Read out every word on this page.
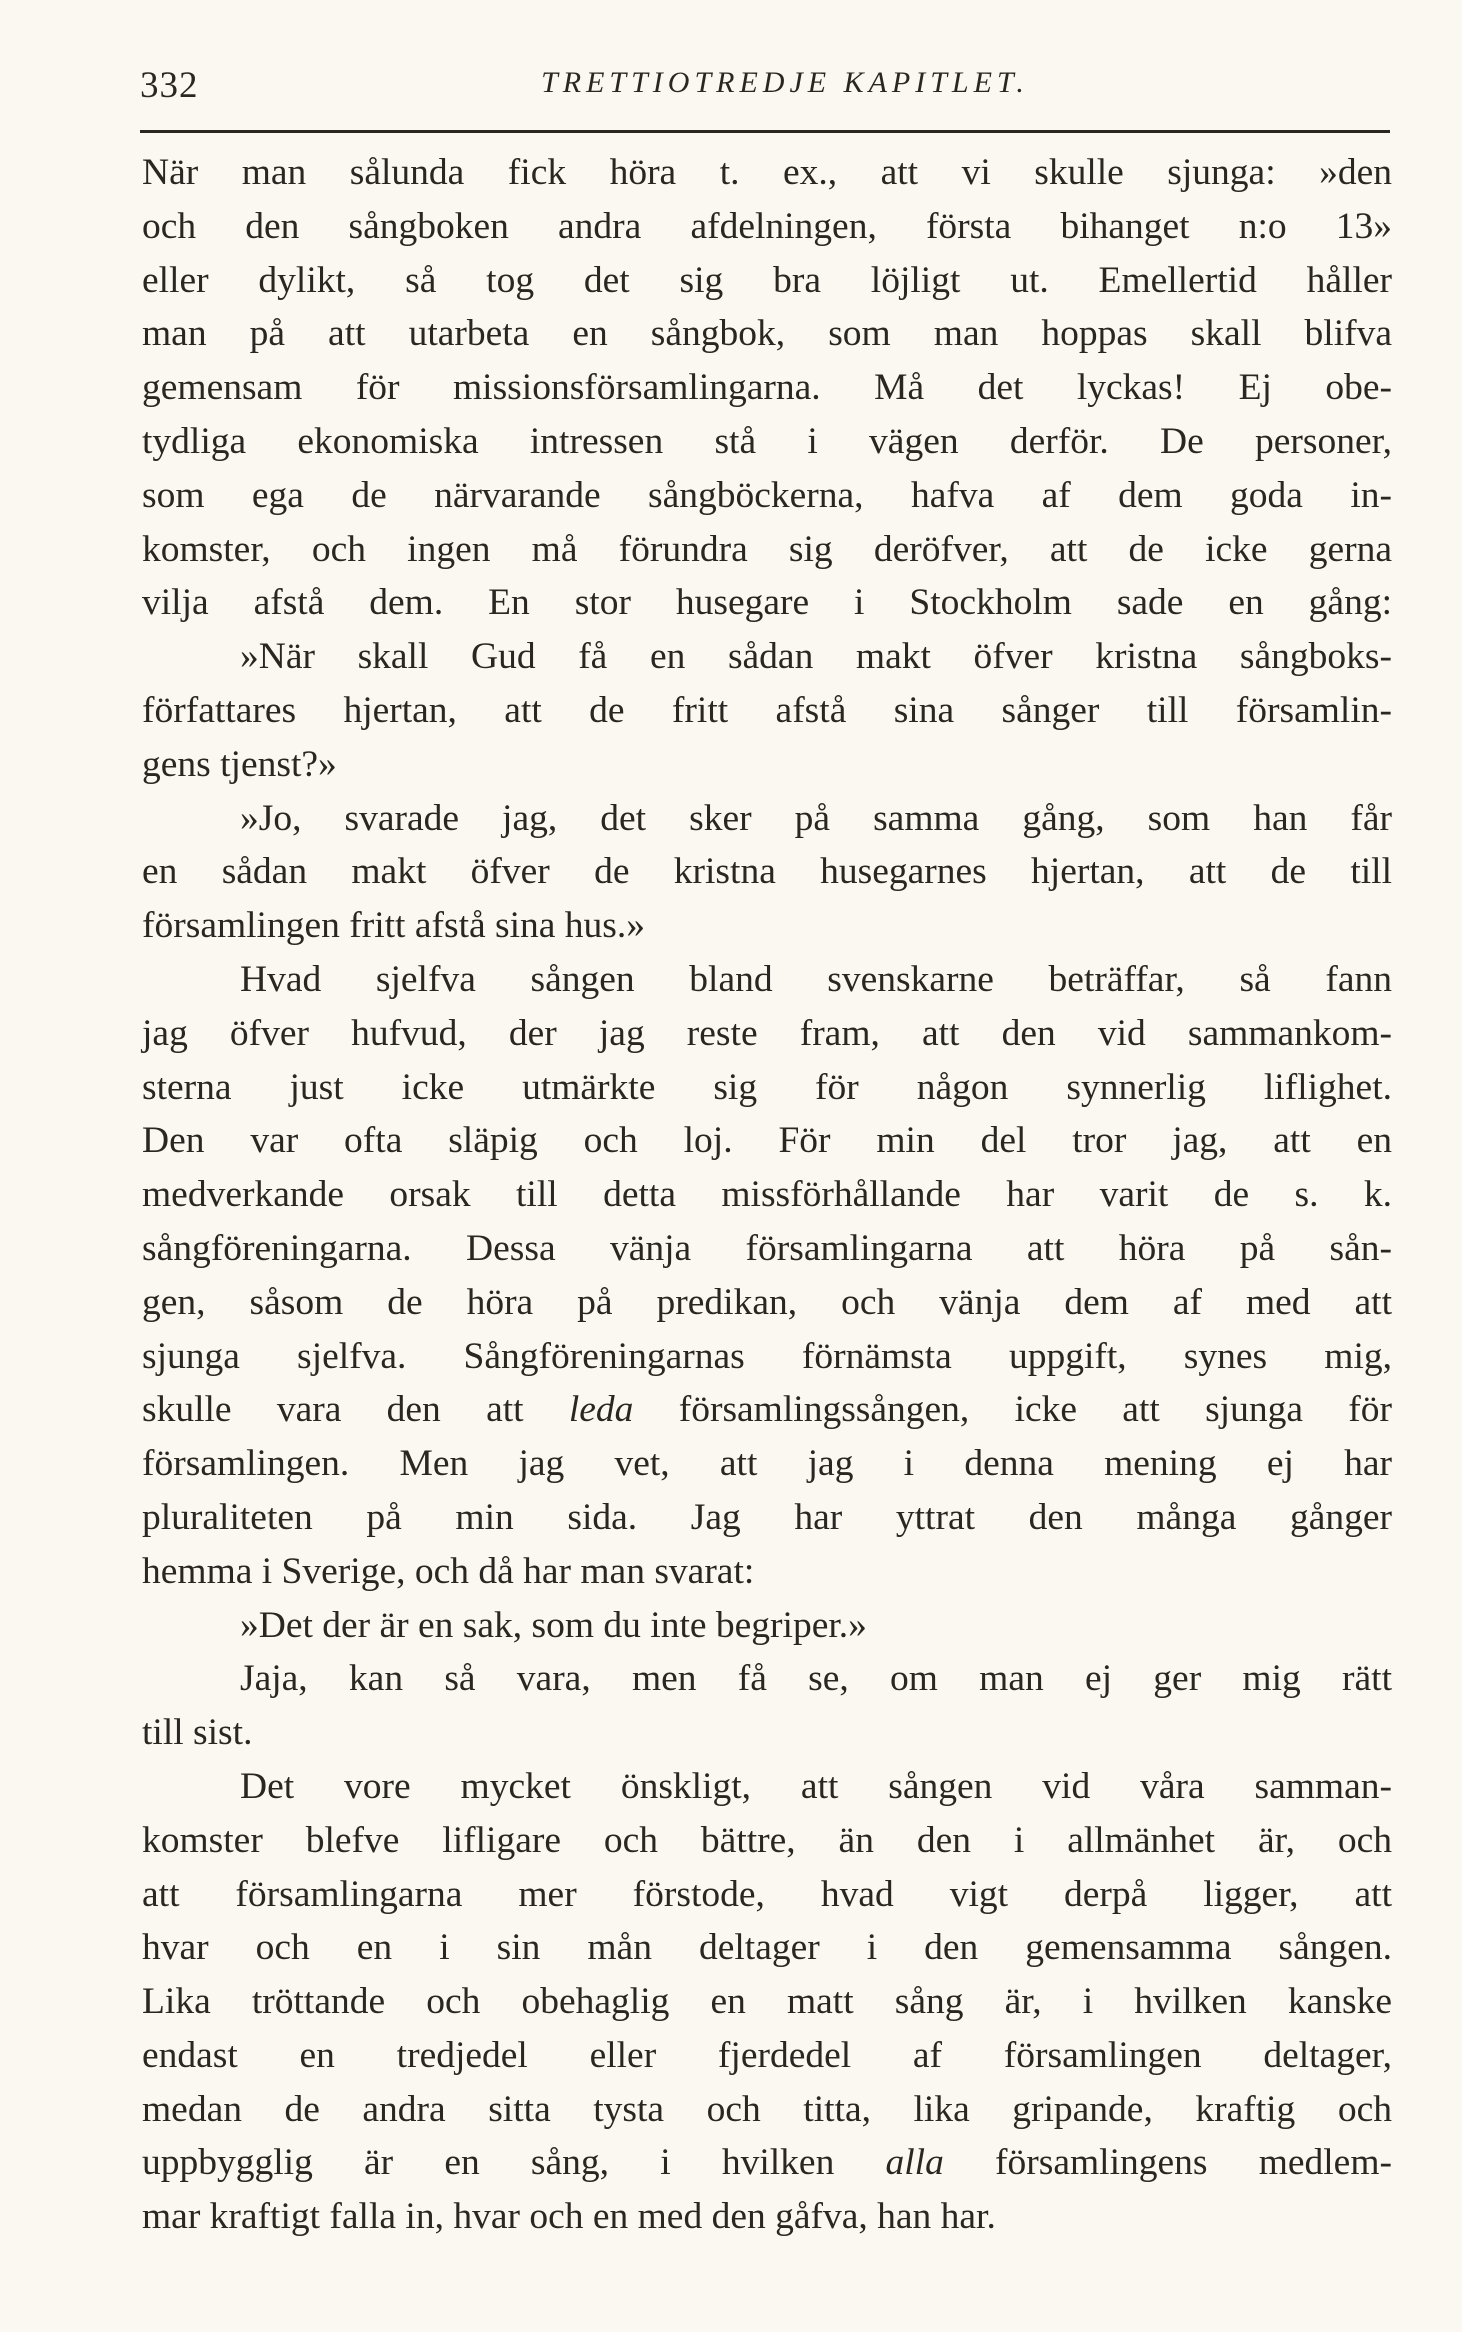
332	TRETTIOTREDJE KAPITLET.
När man sålunda fick höra t. ex., att vi skulle sjunga: »den
och den sångboken andra afdelningen, första bihanget n:o 13»
eller dylikt, så tog det sig bra löjligt ut. Emellertid håller
man på att utarbeta en sångbok, som man hoppas skall blifva
gemensam för missionsförsamlingarna. Må det lyckas! Ej obe-
tydliga ekonomiska intressen stå i vägen derför. De personer,
som ega de närvarande sångböckerna, hafva af dem goda in-
komster, och ingen må förundra sig deröfver, att de icke gerna
vilja afstå dem. En stor husegare i Stockholm sade en gång:
»När skall Gud få en sådan makt öfver kristna sångboks-
författares hjertan, att de fritt afstå sina sånger till församlin-
gens tjenst?»
»Jo, svarade jag, det sker på samma gång, som han får
en sådan makt öfver de kristna husegarnes hjertan, att de till
församlingen fritt afstå sina hus.»
Hvad sjelfva sången bland svenskarne beträffar, så fann
jag öfver hufvud, der jag reste fram, att den vid sammankom-
sterna just icke utmärkte sig för någon synnerlig liflighet.
Den var ofta släpig och loj. För min del tror jag, att en
medverkande orsak till detta missförhållande har varit de s. k.
sångföreningarna. Dessa vänja församlingarna att höra på sån-
gen, såsom de höra på predikan, och vänja dem af med att
sjunga sjelfva. Sångföreningarnas förnämsta uppgift, synes mig,
skulle vara den att leda församlingssången, icke att sjunga för
församlingen. Men jag vet, att jag i denna mening ej har
pluraliteten på min sida. Jag har yttrat den många gånger
hemma i Sverige, och då har man svarat:
»Det der är en sak, som du inte begriper.»
Jaja, kan så vara, men få se, om man ej ger mig rätt
till sist.
Det vore mycket önskligt, att sången vid våra samman-
komster blefve lifligare och bättre, än den i allmänhet är, och
att församlingarna mer förstode, hvad vigt derpå ligger, att
hvar och en i sin mån deltager i den gemensamma sången.
Lika tröttande och obehaglig en matt sång är, i hvilken kanske
endast en tredjedel eller fjerdedel af församlingen deltager,
medan de andra sitta tysta och titta, lika gripande, kraftig och
uppbygglig är en sång, i hvilken alla församlingens medlem-
mar kraftigt falla in, hvar och en med den gåfva, han har.
